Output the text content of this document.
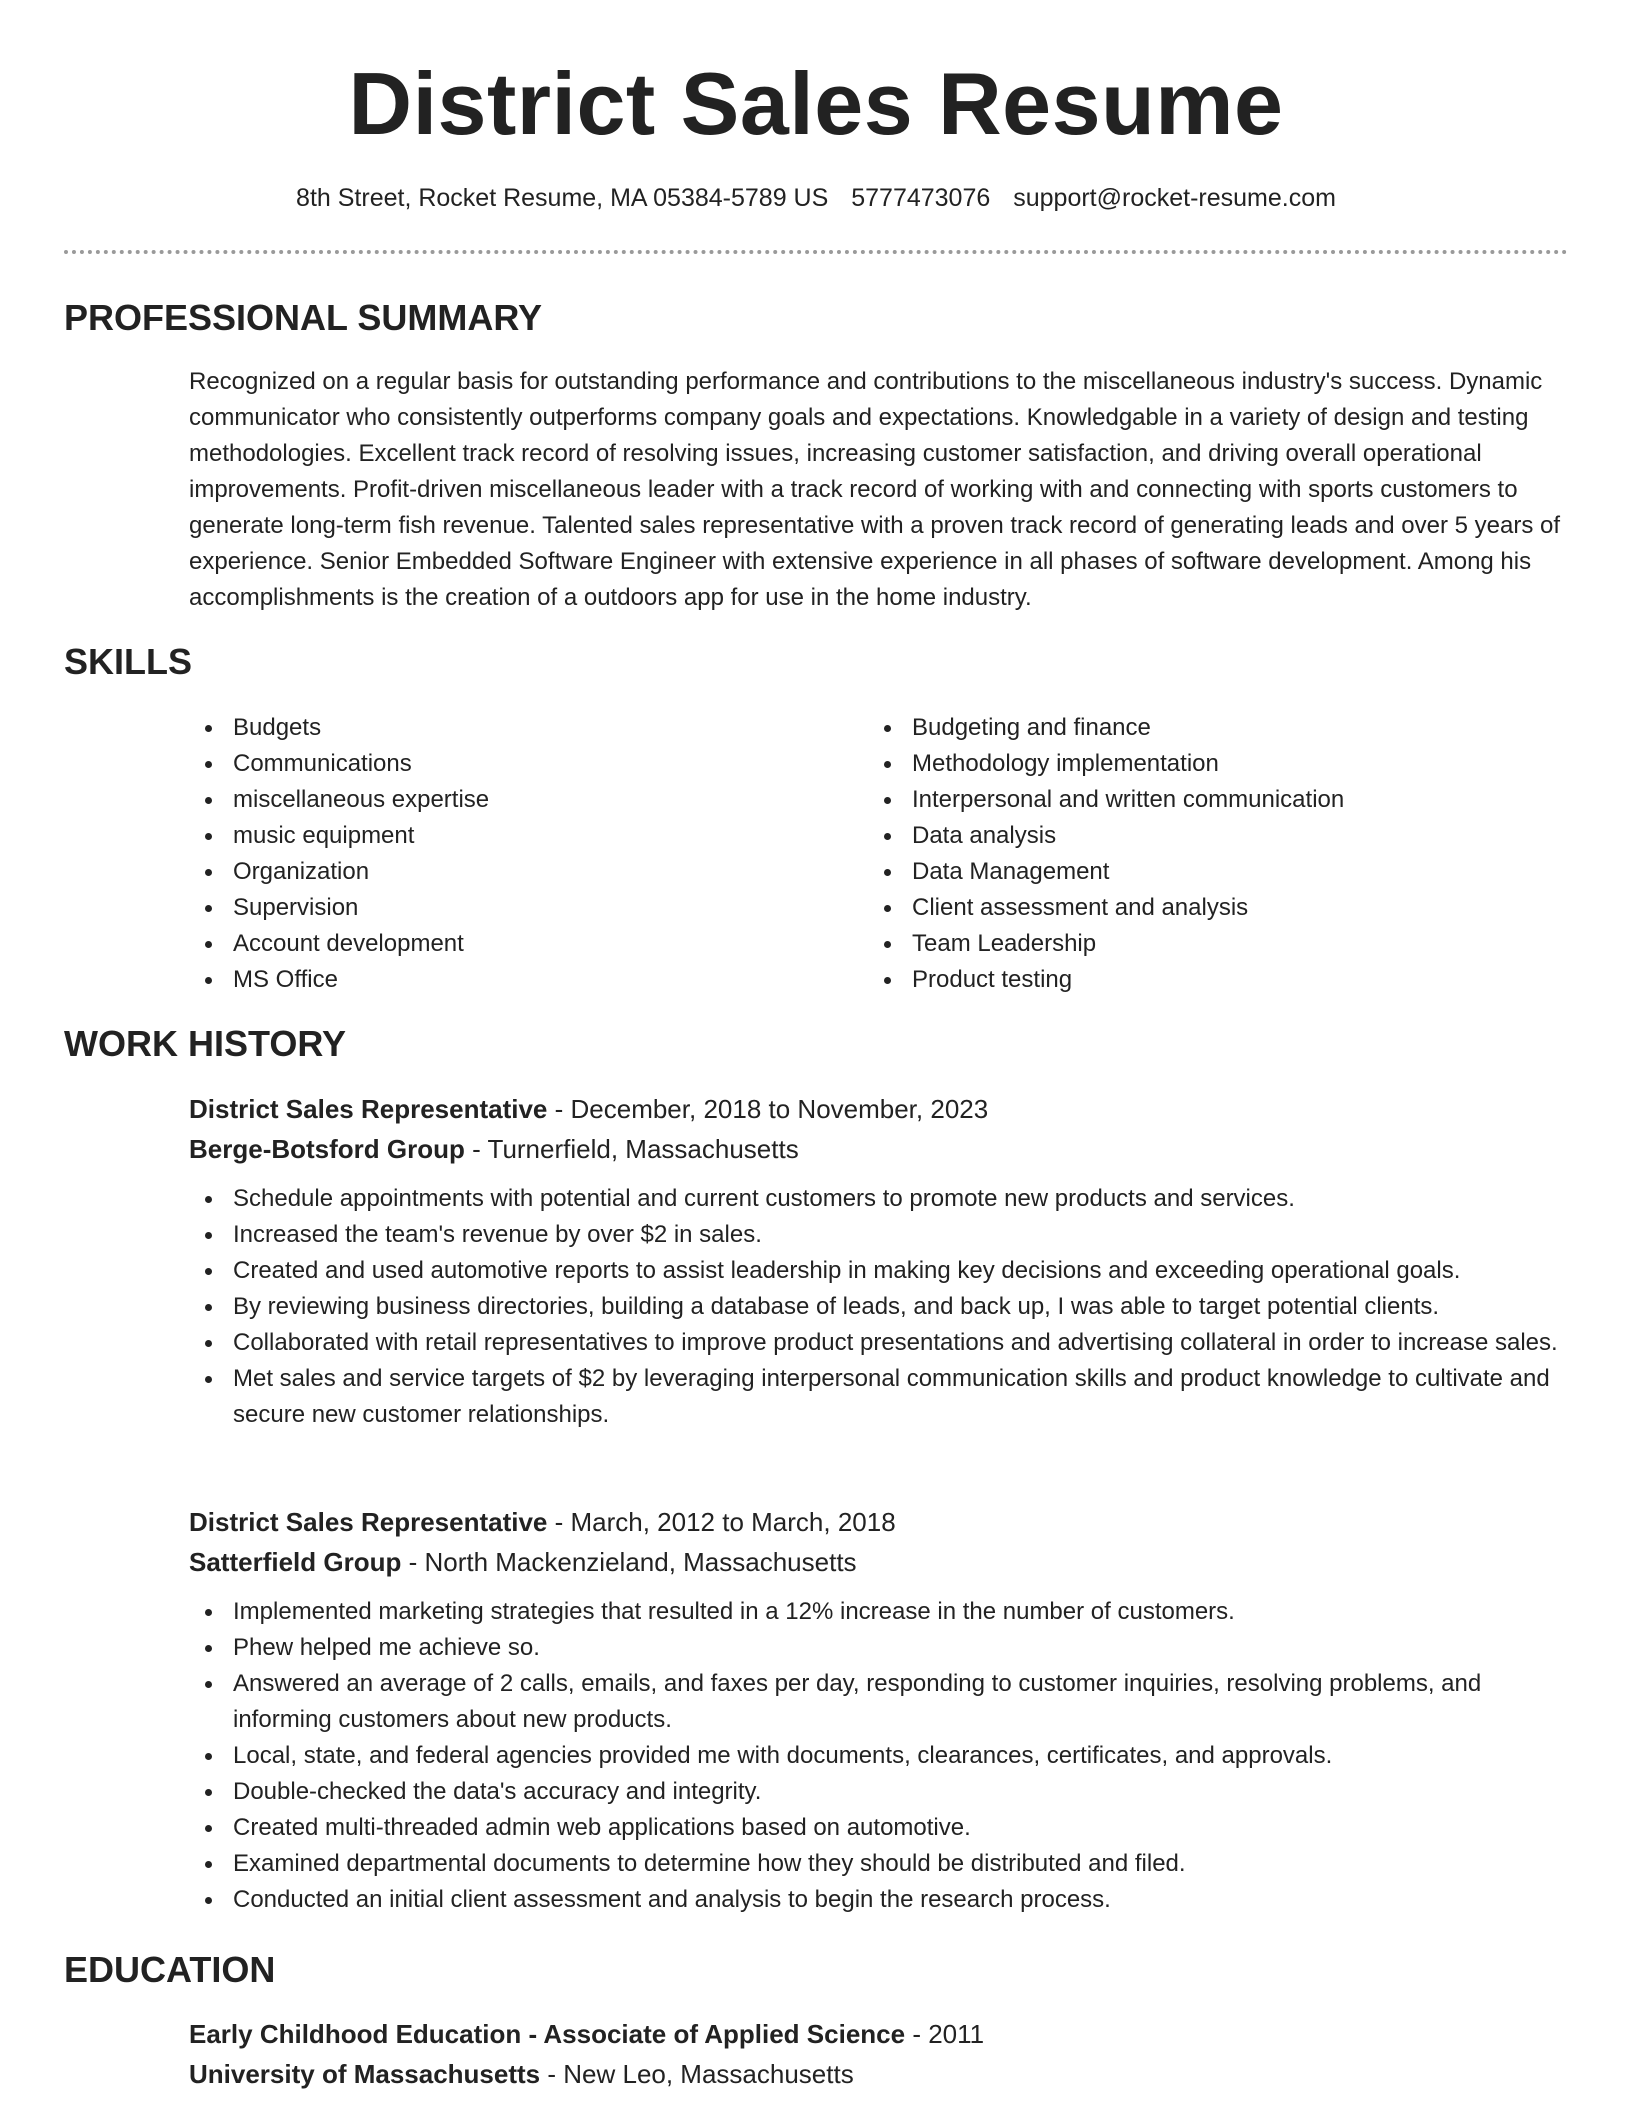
District Sales Resume
8th Street, Rocket Resume, MA 05384-5789 US 5777473076 support@rocket-resume.com
PROFESSIONAL SUMMARY

Recognized on a regular basis for outstanding performance and contributions to the miscellaneous industry's success. Dynamic communicator who consistently outperforms company goals and expectations. Knowledgable in a variety of design and testing methodologies. Excellent track record of resolving issues, increasing customer satisfaction, and driving overall operational improvements. Profit-driven miscellaneous leader with a track record of working with and connecting with sports customers to generate long-term fish revenue. Talented sales representative with a proven track record of generating leads and over 5 years of experience. Senior Embedded Software Engineer with extensive experience in all phases of software development. Among his accomplishments is the creation of a outdoors app for use in the home industry.

SKILLS
Budgets
Communications
miscellaneous expertise
music equipment
Organization
Supervision
Account development
MS Office
Budgeting and finance
Methodology implementation
Interpersonal and written communication
Data analysis
Data Management
Client assessment and analysis
Team Leadership
Product testing
WORK HISTORY
District Sales Representative - December, 2018 to November, 2023
Berge-Botsford Group - Turnerfield, Massachusetts
Schedule appointments with potential and current customers to promote new products and services.
Increased the team's revenue by over $2 in sales.
Created and used automotive reports to assist leadership in making key decisions and exceeding operational goals.
By reviewing business directories, building a database of leads, and back up, I was able to target potential clients.
Collaborated with retail representatives to improve product presentations and advertising collateral in order to increase sales.
Met sales and service targets of $2 by leveraging interpersonal communication skills and product knowledge to cultivate and secure new customer relationships.
District Sales Representative - March, 2012 to March, 2018
Satterfield Group - North Mackenzieland, Massachusetts
Implemented marketing strategies that resulted in a 12% increase in the number of customers.
Phew helped me achieve so.
Answered an average of 2 calls, emails, and faxes per day, responding to customer inquiries, resolving problems, and informing customers about new products.
Local, state, and federal agencies provided me with documents, clearances, certificates, and approvals.
Double-checked the data's accuracy and integrity.
Created multi-threaded admin web applications based on automotive.
Examined departmental documents to determine how they should be distributed and filed.
Conducted an initial client assessment and analysis to begin the research process.
EDUCATION
Early Childhood Education - Associate of Applied Science - 2011
University of Massachusetts - New Leo, Massachusetts
